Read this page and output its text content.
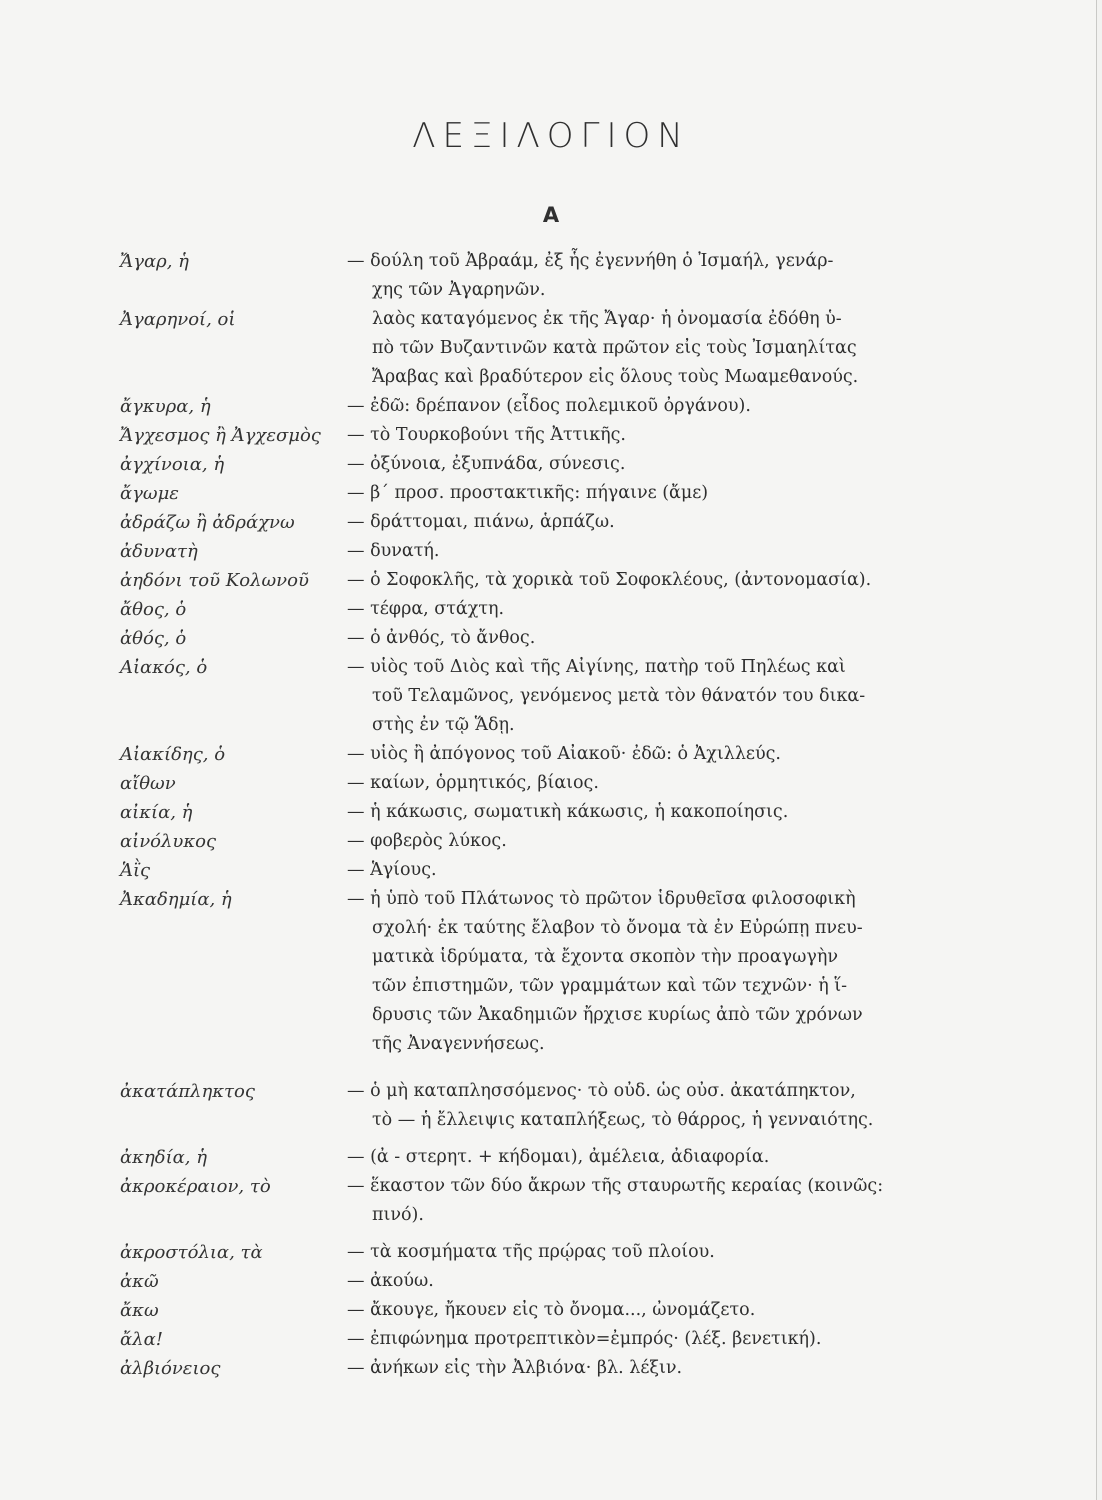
ΛΕΞΙΛΟΓΙΟΝ
Α
Ἄγαρ, ἡ	— δούλη τοῦ Ἀβραάμ, ἐξ ἧς ἐγεννήθη ὁ Ἰσμαήλ, γενάρ-
χης τῶν Ἀγαρηνῶν.
Ἀγαρηνοί, οἱ	λαὸς καταγόμενος ἐκ τῆς Ἄγαρ· ἡ ὀνομασία ἐδόθη ὑ-
πὸ τῶν Βυζαντινῶν κατὰ πρῶτον εἰς τοὺς Ἰσμαηλίτας
Ἄραβας καὶ βραδύτερον εἰς ὅλους τοὺς Μωαμεθανούς.
ἄγκυρα, ἡ	— ἐδῶ: δρέπανον (εἶδος πολεμικοῦ ὀργάνου).
Ἄγχεσμος ἢ Ἀγχεσμὸς — τὸ Τουρκοβούνι τῆς Ἀττικῆς.
ἀγχίνοια, ἡ	— ὀξύνοια, ἐξυπνάδα, σύνεσις.
ἄγωμε	— β΄ προσ. προστακτικῆς: πήγαινε (ἄμε)
ἀδράζω ἢ ἀδράχνω	— δράττομαι, πιάνω, ἁρπάζω.
ἀδυνατὴ	— δυνατή.
ἀηδόνι τοῦ Κολωνοῦ — ὁ Σοφοκλῆς, τὰ χορικὰ τοῦ Σοφοκλέους, (ἀντονομασία).
ἄθος, ὁ	— τέφρα, στάχτη.
ἀθός, ὁ	— ὁ ἀνθός, τὸ ἄνθος.
Αἰακός, ὁ	— υἱὸς τοῦ Διὸς καὶ τῆς Αἰγίνης, πατὴρ τοῦ Πηλέως καὶ
τοῦ Τελαμῶνος, γενόμενος μετὰ τὸν θάνατόν του δικα-
στὴς ἐν τῷ Ἅδῃ.
Αἰακίδης, ὁ	— υἱὸς ἢ ἀπόγονος τοῦ Αἰακοῦ· ἐδῶ: ὁ Ἀχιλλεύς.
αἴθων	— καίων, ὁρμητικός, βίαιος.
αἰκία, ἡ	— ἡ κάκωσις, σωματικὴ κάκωσις, ἡ κακοποίησις.
αἰνόλυκος	— φοβερὸς λύκος.
Ἁῒς	— Ἁγίους.
Ἀκαδημία, ἡ	— ἡ ὑπὸ τοῦ Πλάτωνος τὸ πρῶτον ἱδρυθεῖσα φιλοσοφικὴ
σχολή· ἐκ ταύτης ἔλαβον τὸ ὄνομα τὰ ἐν Εὐρώπῃ πνευ-
ματικὰ ἱδρύματα, τὰ ἔχοντα σκοπὸν τὴν προαγωγὴν
τῶν ἐπιστημῶν, τῶν γραμμάτων καὶ τῶν τεχνῶν· ἡ ἵ-
δρυσις τῶν Ἀκαδημιῶν ἤρχισε κυρίως ἀπὸ τῶν χρόνων
τῆς Ἀναγεννήσεως.
ἀκατάπληκτος	— ὁ μὴ καταπλησσόμενος· τὸ οὐδ. ὡς οὐσ. ἀκατάπηκτον,
τὸ — ἡ ἔλλειψις καταπλήξεως, τὸ θάρρος, ἡ γενναιότης.
ἀκηδία, ἡ	— (ἀ - στερητ. + κήδομαι), ἀμέλεια, ἀδιαφορία.
ἀκροκέραιον, τὸ	— ἕκαστον τῶν δύο ἄκρων τῆς σταυρωτῆς κεραίας (κοινῶς:
πινό).
ἀκροστόλια, τὰ	— τὰ κοσμήματα τῆς πρῴρας τοῦ πλοίου.
ἀκῶ	— ἀκούω.
ἄκω	— ἄκουγε, ἤκουεν εἰς τὸ ὄνομα..., ὠνομάζετο.
ἄλα!	— ἐπιφώνημα προτρεπτικὸν=ἐμπρός· (λέξ. βενετική).
ἀλβιόνειος	— ἀνήκων εἰς τὴν Ἀλβιόνα· βλ. λέξιν.
